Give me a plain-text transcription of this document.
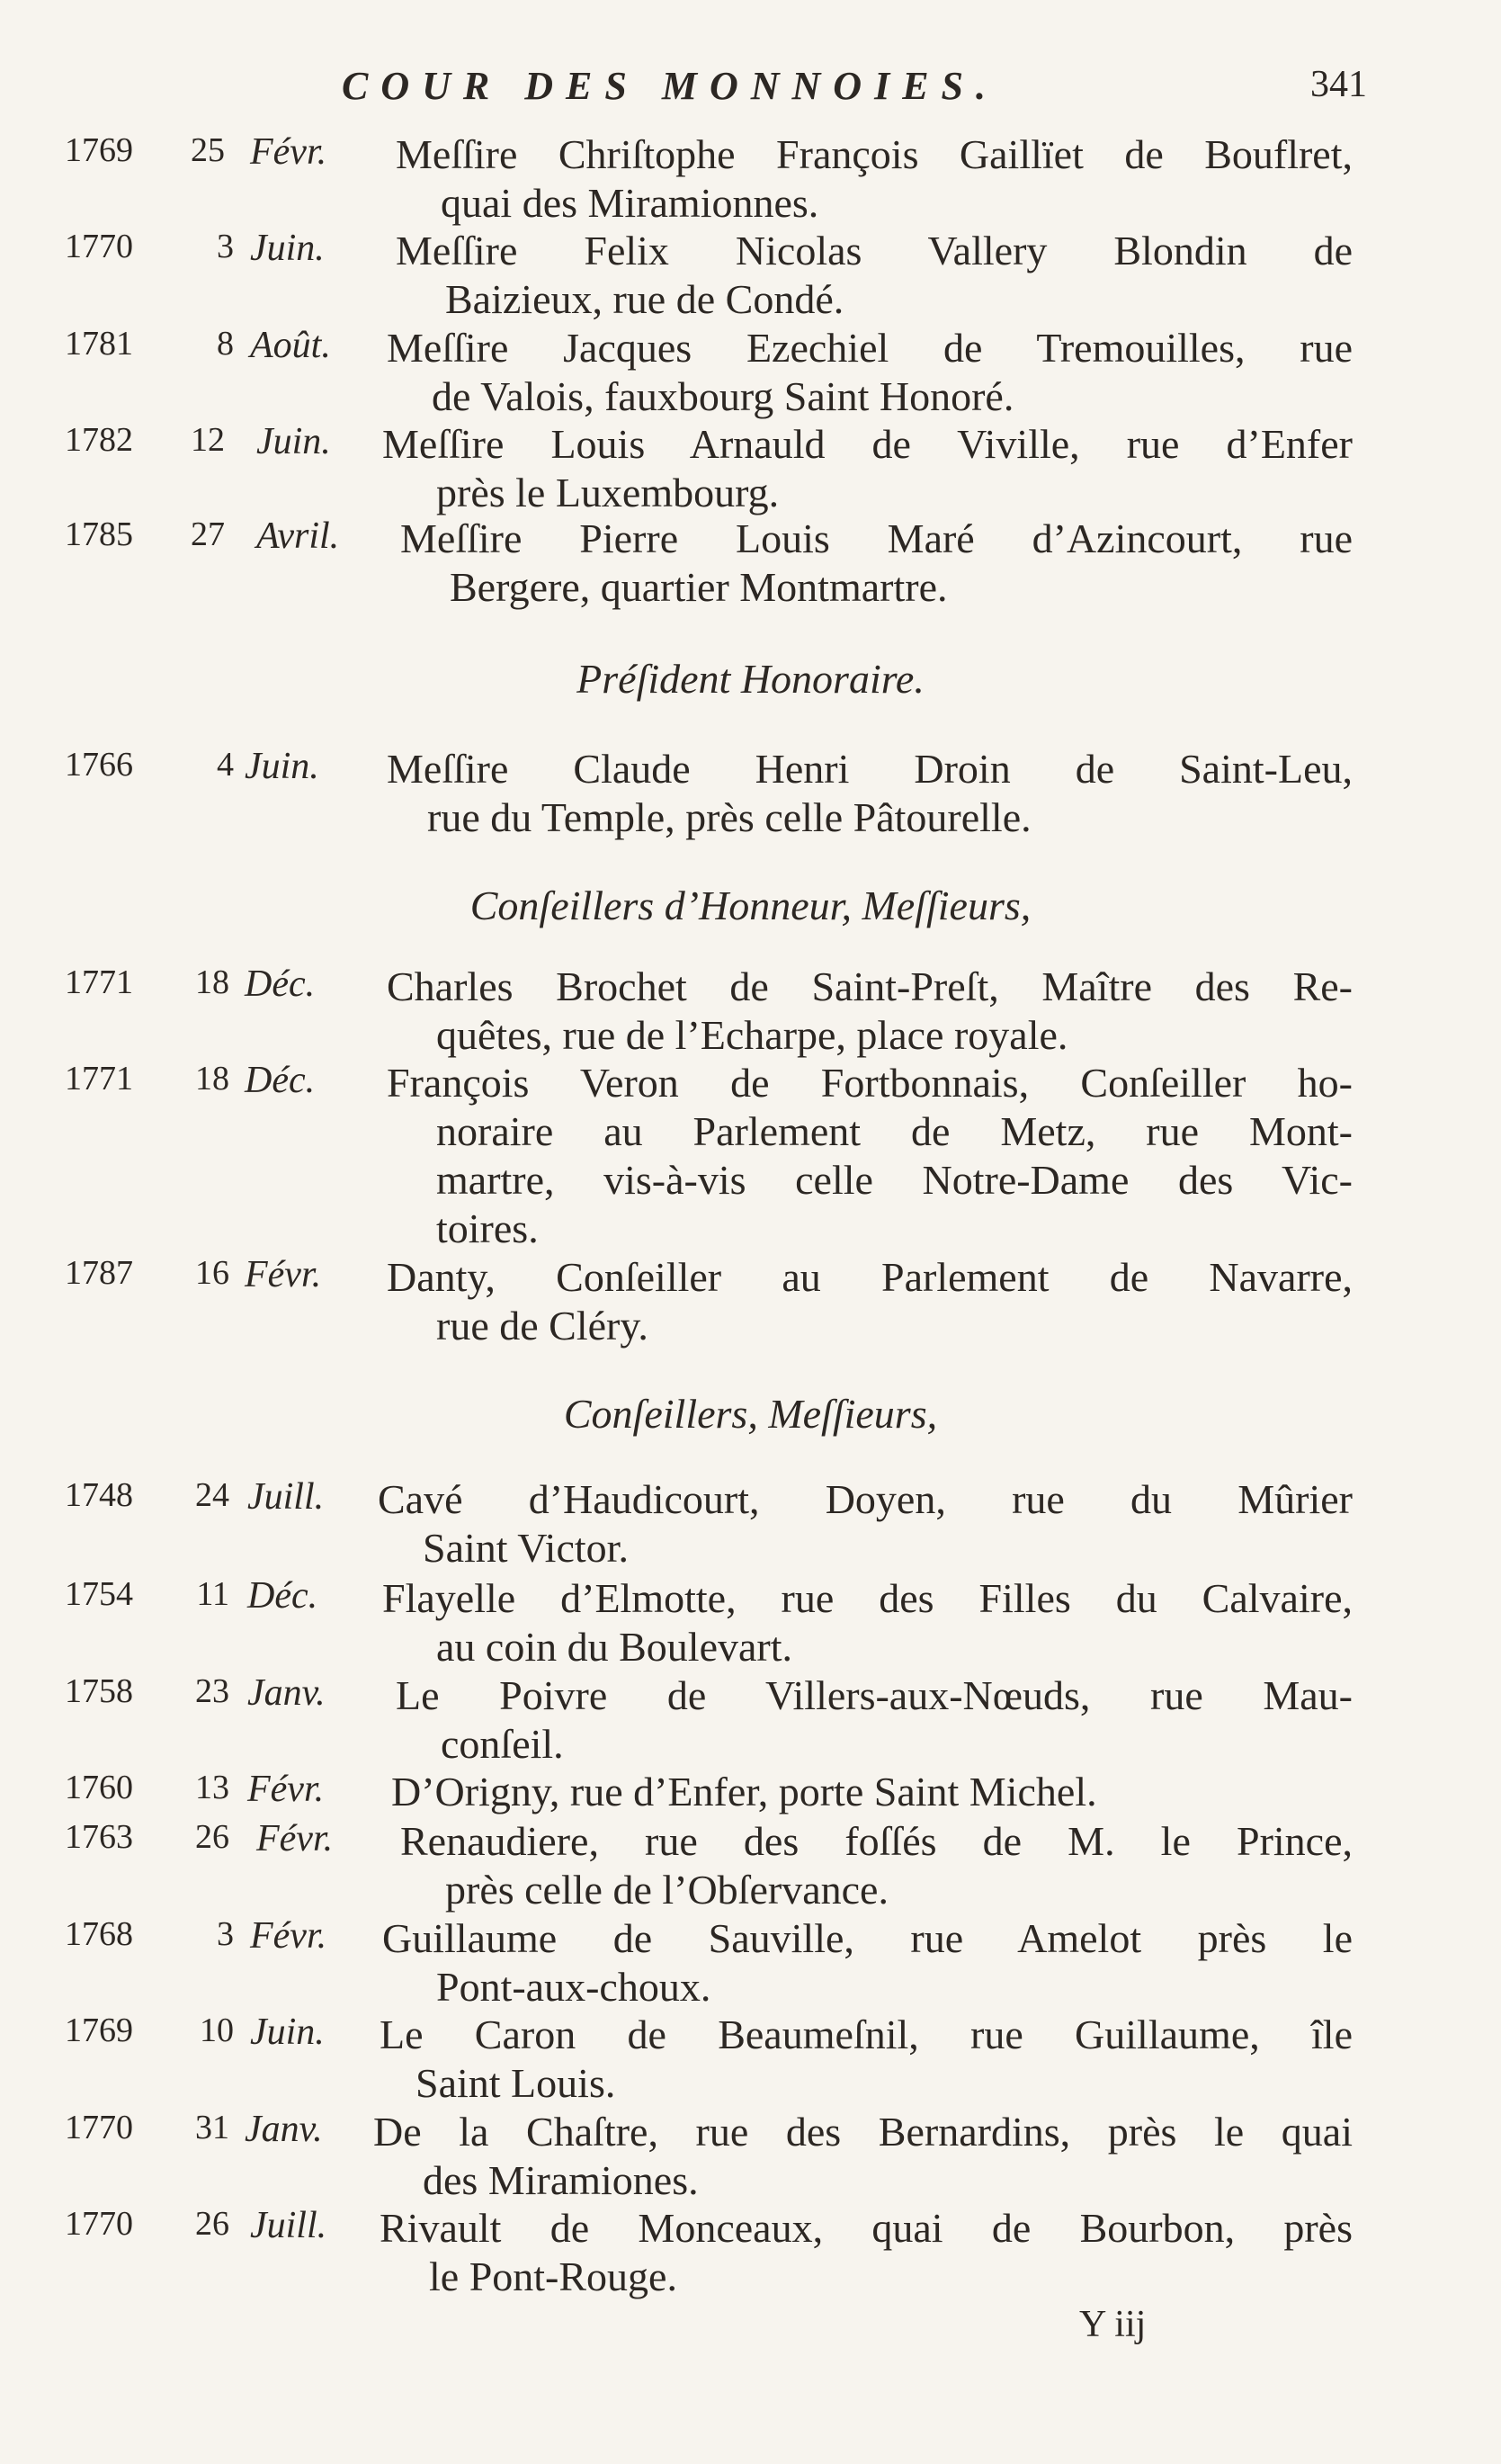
COUR DES MONNOIES.	341
1769	25 Févr. Meſſire Chriſtophe François Gaillïet de Bouflret,
quai des Miramionnes.
1770	3 Juin. Meſſire Felix Nicolas Vallery Blondin de
Baizieux, rue de Condé.
1781	8 Août. Meſſire Jacques Ezechiel de Tremouilles, rue
de Valois, fauxbourg Saint Honoré.
1782	12 Juin. Meſſire Louis Arnauld de Viville, rue d’Enfer
près le Luxembourg.
1785	27 Avril. Meſſire Pierre Louis Maré d’Azincourt, rue
Bergere, quartier Montmartre.
Préſident Honoraire.
1766	4 Juin. Meſſire Claude Henri Droin de Saint-Leu,
rue du Temple, près celle Pâtourelle.
Conſeillers d’Honneur, Meſſieurs,
1771	18 Déc. Charles Brochet de Saint-Preſt, Maître des Re-
quêtes, rue de l’Echarpe, place royale.
1771	18 Déc. François Veron de Fortbonnais, Conſeiller ho-
noraire au Parlement de Metz, rue Mont-
martre, vis-à-vis celle Notre-Dame des Vic-
toires.
1787	16 Févr. Danty, Conſeiller au Parlement de Navarre,
rue de Cléry.
Conſeillers, Meſſieurs,
1748	24 Juill. Cavé d’Haudicourt, Doyen, rue du Mûrier
Saint Victor.
1754	11 Déc. Flayelle d’Elmotte, rue des Filles du Calvaire,
au coin du Boulevart.
1758	23 Janv. Le Poivre de Villers-aux-Nœuds, rue Mau-
conſeil.
1760	13 Févr. D’Origny, rue d’Enfer, porte Saint Michel.
1763	26 Févr. Renaudiere, rue des foſſés de M. le Prince,
près celle de l’Obſervance.
1768	3 Févr. Guillaume de Sauville, rue Amelot près le
Pont-aux-choux.
1769	10 Juin. Le Caron de Beaumeſnil, rue Guillaume, île
Saint Louis.
1770	31 Janv. De la Chaſtre, rue des Bernardins, près le quai
des Miramiones.
1770	26 Juill. Rivault de Monceaux, quai de Bourbon, près
le Pont-Rouge.
Y iij
